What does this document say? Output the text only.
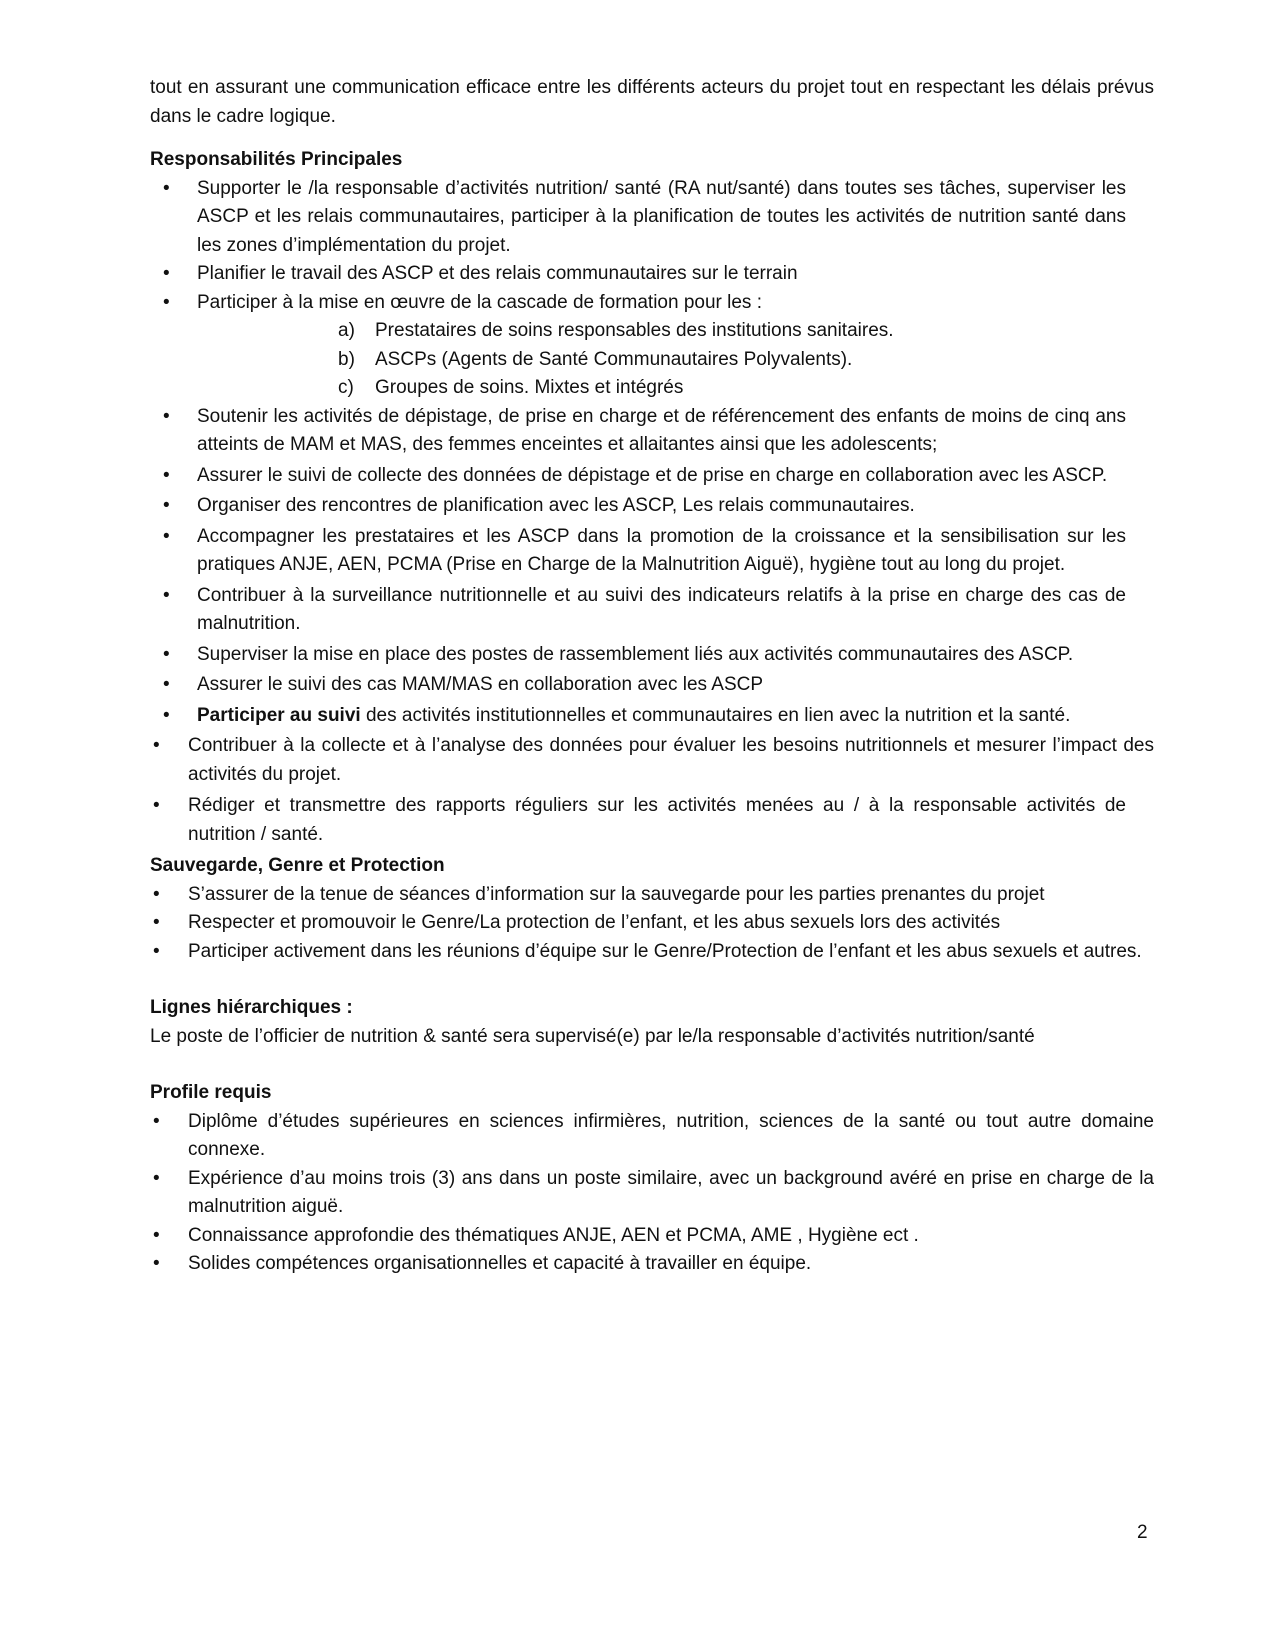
tout en assurant une communication efficace entre les différents acteurs du projet tout en respectant les délais prévus dans le cadre logique.

Responsabilités Principales
• Supporter le /la responsable d’activités nutrition/ santé (RA nut/santé) dans toutes ses tâches, superviser les ASCP et les relais communautaires, participer à la planification de toutes les activités de nutrition santé dans les zones d’implémentation du projet.
• Planifier le travail des ASCP et des relais communautaires sur le terrain
• Participer à la mise en œuvre de la cascade de formation pour les :
a) Prestataires de soins responsables des institutions sanitaires.
b) ASCPs (Agents de Santé Communautaires Polyvalents).
c) Groupes de soins. Mixtes et intégrés
• Soutenir les activités de dépistage, de prise en charge et de référencement des enfants de moins de cinq ans atteints de MAM et MAS, des femmes enceintes et allaitantes ainsi que les adolescents;
• Assurer le suivi de collecte des données de dépistage et de prise en charge en collaboration avec les ASCP.
• Organiser des rencontres de planification avec les ASCP, Les relais communautaires.
• Accompagner les prestataires et les ASCP dans la promotion de la croissance et la sensibilisation sur les pratiques ANJE, AEN, PCMA (Prise en Charge de la Malnutrition Aiguë), hygiène tout au long du projet.
• Contribuer à la surveillance nutritionnelle et au suivi des indicateurs relatifs à la prise en charge des cas de malnutrition.
• Superviser la mise en place des postes de rassemblement liés aux activités communautaires des ASCP.
• Assurer le suivi des cas MAM/MAS en collaboration avec les ASCP
• Participer au suivi des activités institutionnelles et communautaires en lien avec la nutrition et la santé.
• Contribuer à la collecte et à l’analyse des données pour évaluer les besoins nutritionnels et mesurer l’impact des activités du projet.
• Rédiger et transmettre des rapports réguliers sur les activités menées au / à la responsable activités de nutrition / santé.
Sauvegarde, Genre et Protection
• S’assurer de la tenue de séances d’information sur la sauvegarde pour les parties prenantes du projet
• Respecter et promouvoir le Genre/La protection de l’enfant, et les abus sexuels lors des activités
• Participer activement dans les réunions d’équipe sur le Genre/Protection de l’enfant et les abus sexuels et autres.
Lignes hiérarchiques :

Le poste de l’officier de nutrition & santé sera supervisé(e) par le/la responsable d’activités nutrition/santé

Profile requis
• Diplôme d’études supérieures en sciences infirmières, nutrition, sciences de la santé ou tout autre domaine connexe.
• Expérience d’au moins trois (3) ans dans un poste similaire, avec un background avéré en prise en charge de la malnutrition aiguë.
• Connaissance approfondie des thématiques ANJE, AEN et PCMA, AME , Hygiène ect .
• Solides compétences organisationnelles et capacité à travailler en équipe.
2
